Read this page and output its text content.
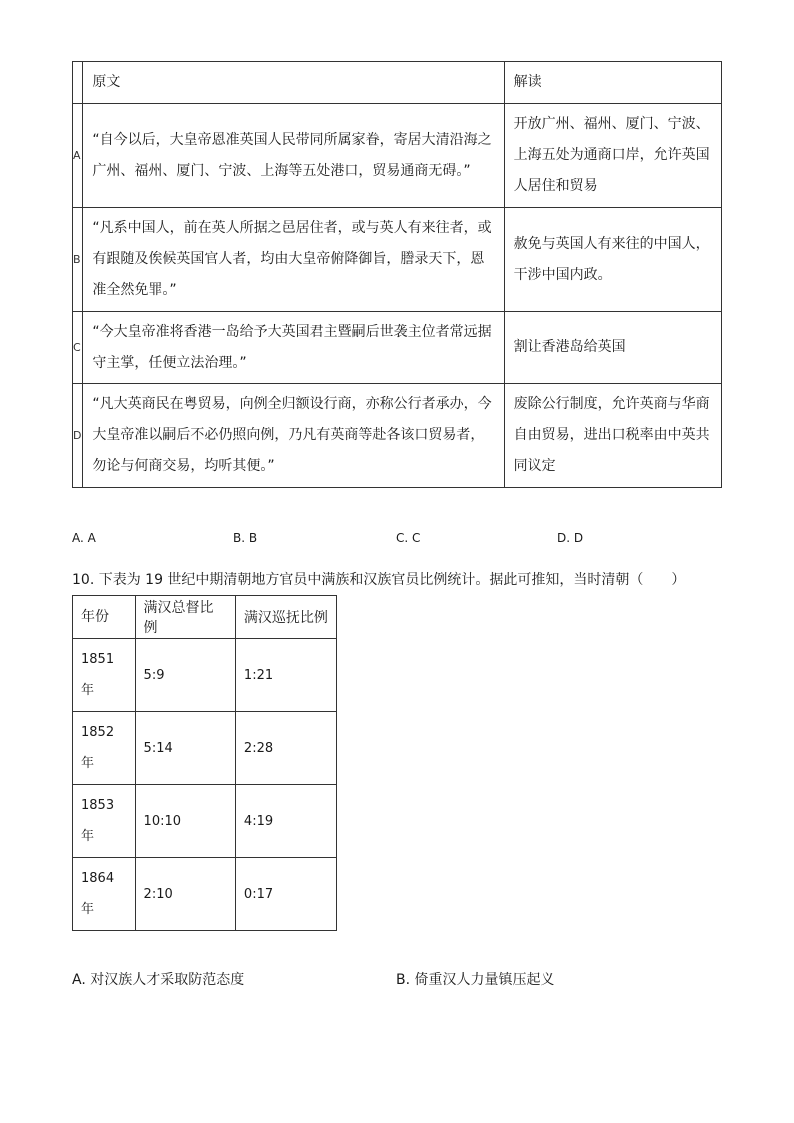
	原文	解读

A	“自今以后，大皇帝恩准英国人民带同所属家眷，寄居大清沿海之广州、福州、厦门、宁波、上海等五处港口，贸易通商无碍。”	开放广州、福州、厦门、宁波、上海五处为通商口岸，允许英国人居住和贸易

B	“凡系中国人，前在英人所据之邑居住者，或与英人有来往者，或有跟随及俟候英国官人者，均由大皇帝俯降御旨，謄录天下，恩准全然免罪。”	赦免与英国人有来往的中国人，干涉中国内政。

C	“今大皇帝准将香港一岛给予大英国君主暨嗣后世袭主位者常远据守主掌，任便立法治理。”	割让香港岛给英国

D	“凡大英商民在粤贸易，向例全归额设行商，亦称公行者承办，今大皇帝准以嗣后不必仍照向例，乃凡有英商等赴各该口贸易者，勿论与何商交易，均听其便。”	废除公行制度，允许英商与华商自由贸易，进出口税率由中英共同议定
A. A	B. B	C. C	D. D
10. 下表为 19 世纪中期清朝地方官员中满族和汉族官员比例统计。据此可推知，当时清朝（　　）
年份	满汉总督比例	满汉巡抚比例
1851年	5:9	1:21
1852年	5:14	2:28
1853年	10:10	4:19
1864年	2:10	0:17
A. 对汉族人才采取防范态度	B. 倚重汉人力量镇压起义
